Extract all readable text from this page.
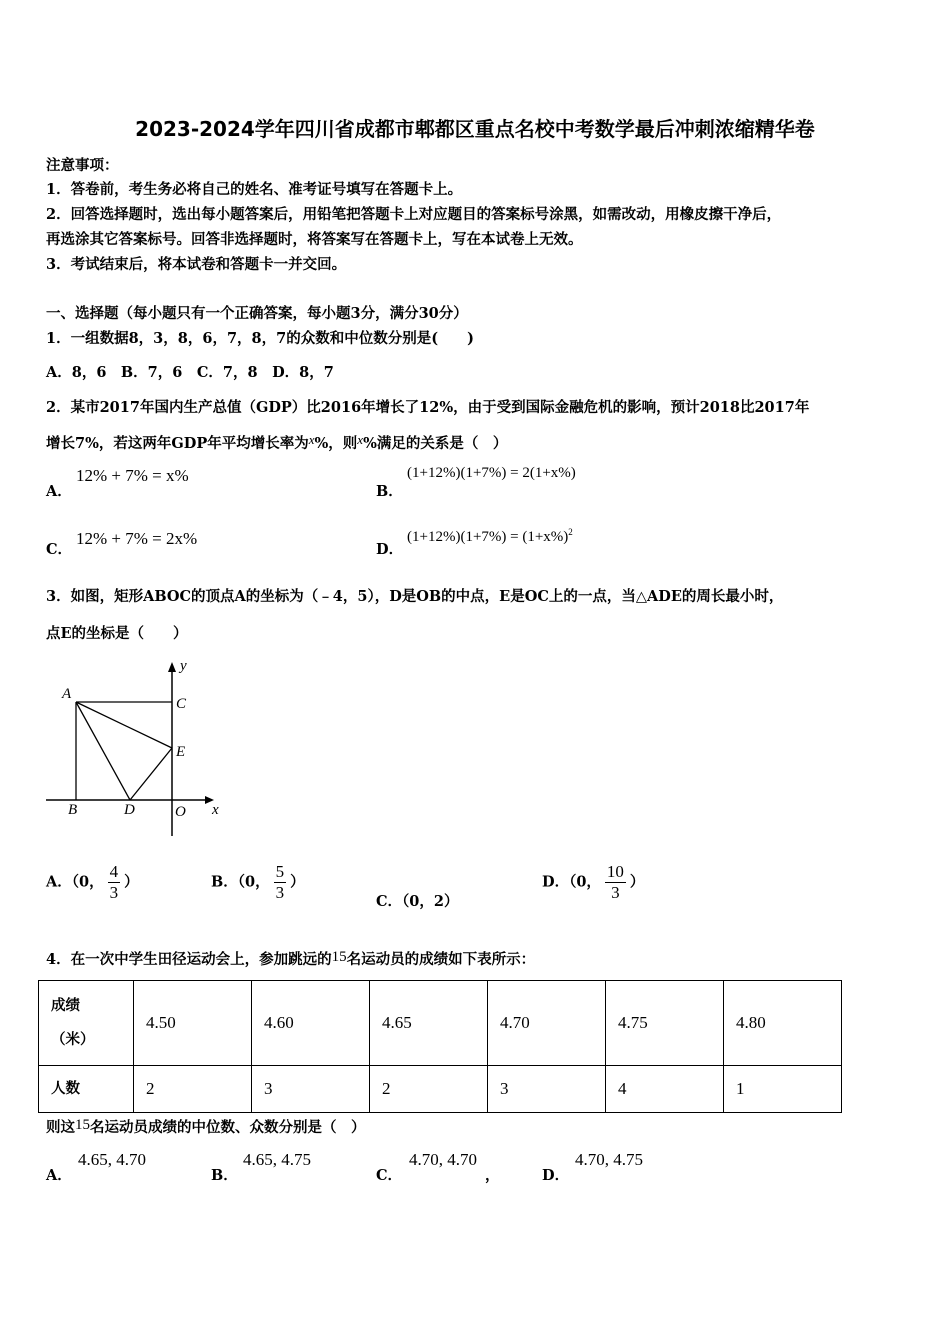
2023-2024学年四川省成都市郫都区重点名校中考数学最后冲刺浓缩精华卷
注意事项：
1．答卷前，考生务必将自己的姓名、准考证号填写在答题卡上。
2．回答选择题时，选出每小题答案后，用铅笔把答题卡上对应题目的答案标号涂黑，如需改动，用橡皮擦干净后，
再选涂其它答案标号。回答非选择题时，将答案写在答题卡上，写在本试卷上无效。
3．考试结束后，将本试卷和答题卡一并交回。
一、选择题（每小题只有一个正确答案，每小题3分，满分30分）
1．一组数据8，3，8，6，7，8，7的众数和中位数分别是(　　)
A．8，6　B．7，6　C．7，8　D．8，7
2．某市2017年国内生产总值（GDP）比2016年增长了12%，由于受到国际金融危机的影响，预计2018比2017年
增长7%，若这两年GDP年平均增长率为x%，则x%满足的关系是（　）
A．
12% + 7% = x%
B．
(1+12%)(1+7%) = 2(1+x%)
C．
12% + 7% = 2x%
D．
$(1+12\%)(1+7\%) = (1+x\%)^2$
3．如图，矩形ABOC的顶点A的坐标为（﹣4，5），D是OB的中点，E是OC上的一点，当△ADE的周长最小时，
点E的坐标是（　　）
A
B
C
D
E
O x
y
A．（0， $\frac{4}{3}$ ）	B．（0， $\frac{5}{3}$ ）
C．（0，2）
D．（0， $\frac{10}{3}$ ）
4．在一次中学生田径运动会上，参加跳远的15名运动员的成绩如下表所示：
成绩
（米）	4.50	4.60	4.65	4.70	4.75	4.80
人数	2	3	2	3	4	1
则这15名运动员成绩的中位数、众数分别是（　）
A．
4.65, 4.70
B．
4.65, 4.75
C．
4.70, 4.70
，	D．
4.70, 4.75
